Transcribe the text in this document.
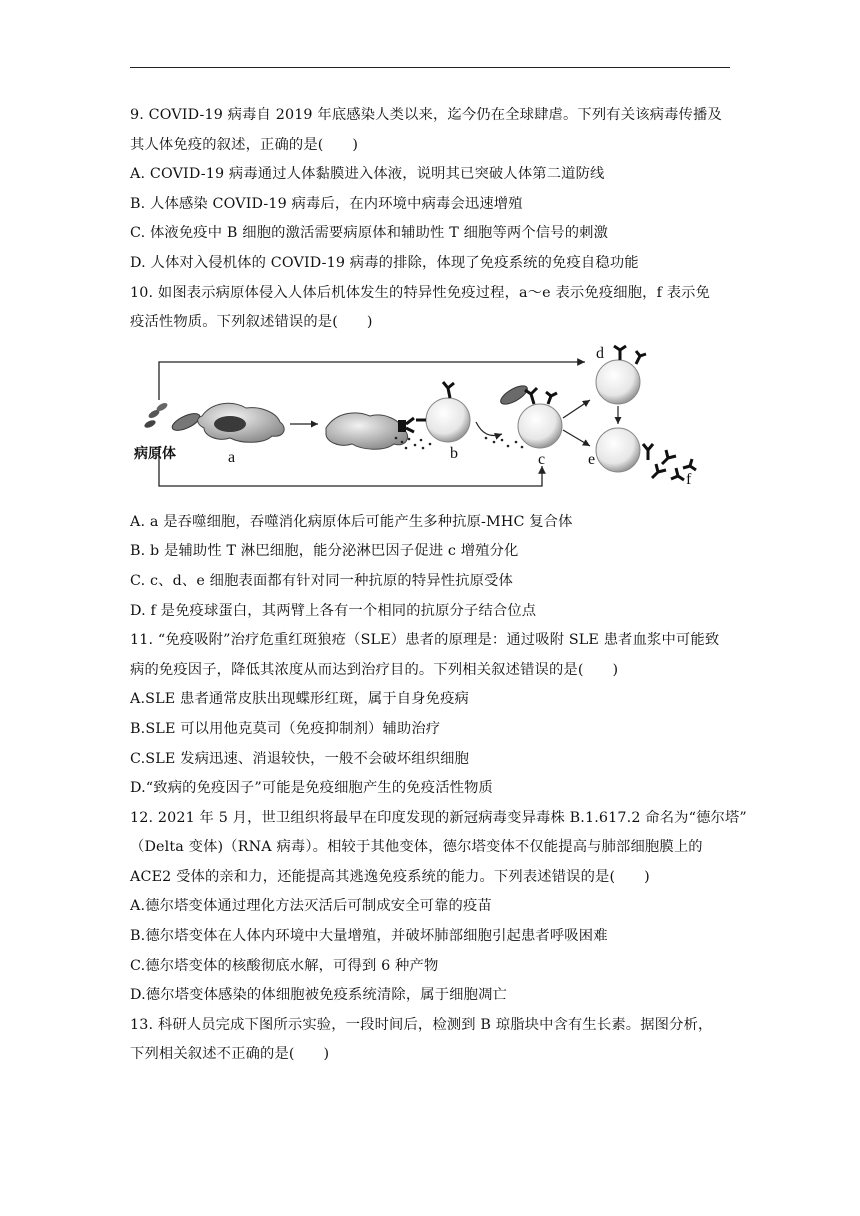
9. COVID-19 病毒自 2019 年底感染人类以来，迄今仍在全球肆虐。下列有关该病毒传播及
其人体免疫的叙述，正确的是(　　)
A. COVID-19 病毒通过人体黏膜进入体液，说明其已突破人体第二道防线
B. 人体感染 COVID-19 病毒后，在内环境中病毒会迅速增殖
C. 体液免疫中 B 细胞的激活需要病原体和辅助性 T 细胞等两个信号的刺激
D. 人体对入侵机体的 COVID-19 病毒的排除，体现了免疫系统的免疫自稳功能
10. 如图表示病原体侵入人体后机体发生的特异性免疫过程，a～e 表示免疫细胞，f 表示免
疫活性物质。下列叙述错误的是(　　)
病原体	a	b	c
d
e
f
A. a 是吞噬细胞，吞噬消化病原体后可能产生多种抗原-MHC 复合体
B. b 是辅助性 T 淋巴细胞，能分泌淋巴因子促进 c 增殖分化
C. c、d、e 细胞表面都有针对同一种抗原的特异性抗原受体
D. f 是免疫球蛋白，其两臂上各有一个相同的抗原分子结合位点
11. “免疫吸附”治疗危重红斑狼疮（SLE）患者的原理是：通过吸附 SLE 患者血浆中可能致
病的免疫因子，降低其浓度从而达到治疗目的。下列相关叙述错误的是(　　)
A.SLE 患者通常皮肤出现蝶形红斑，属于自身免疫病
B.SLE 可以用他克莫司（免疫抑制剂）辅助治疗
C.SLE 发病迅速、消退较快，一般不会破坏组织细胞
D.“致病的免疫因子”可能是免疫细胞产生的免疫活性物质
12. 2021 年 5 月，世卫组织将最早在印度发现的新冠病毒变异毒株 B.1.617.2 命名为“德尔塔”
（Delta 变体)（RNA 病毒）。相较于其他变体，德尔塔变体不仅能提高与肺部细胞膜上的
ACE2 受体的亲和力，还能提高其逃逸免疫系统的能力。下列表述错误的是(　　)
A.德尔塔变体通过理化方法灭活后可制成安全可靠的疫苗
B.德尔塔变体在人体内环境中大量增殖，并破坏肺部细胞引起患者呼吸困难
C.德尔塔变体的核酸彻底水解，可得到 6 种产物
D.德尔塔变体感染的体细胞被免疫系统清除，属于细胞凋亡
13. 科研人员完成下图所示实验，一段时间后，检测到 B 琼脂块中含有生长素。据图分析，
下列相关叙述不正确的是(　　)
